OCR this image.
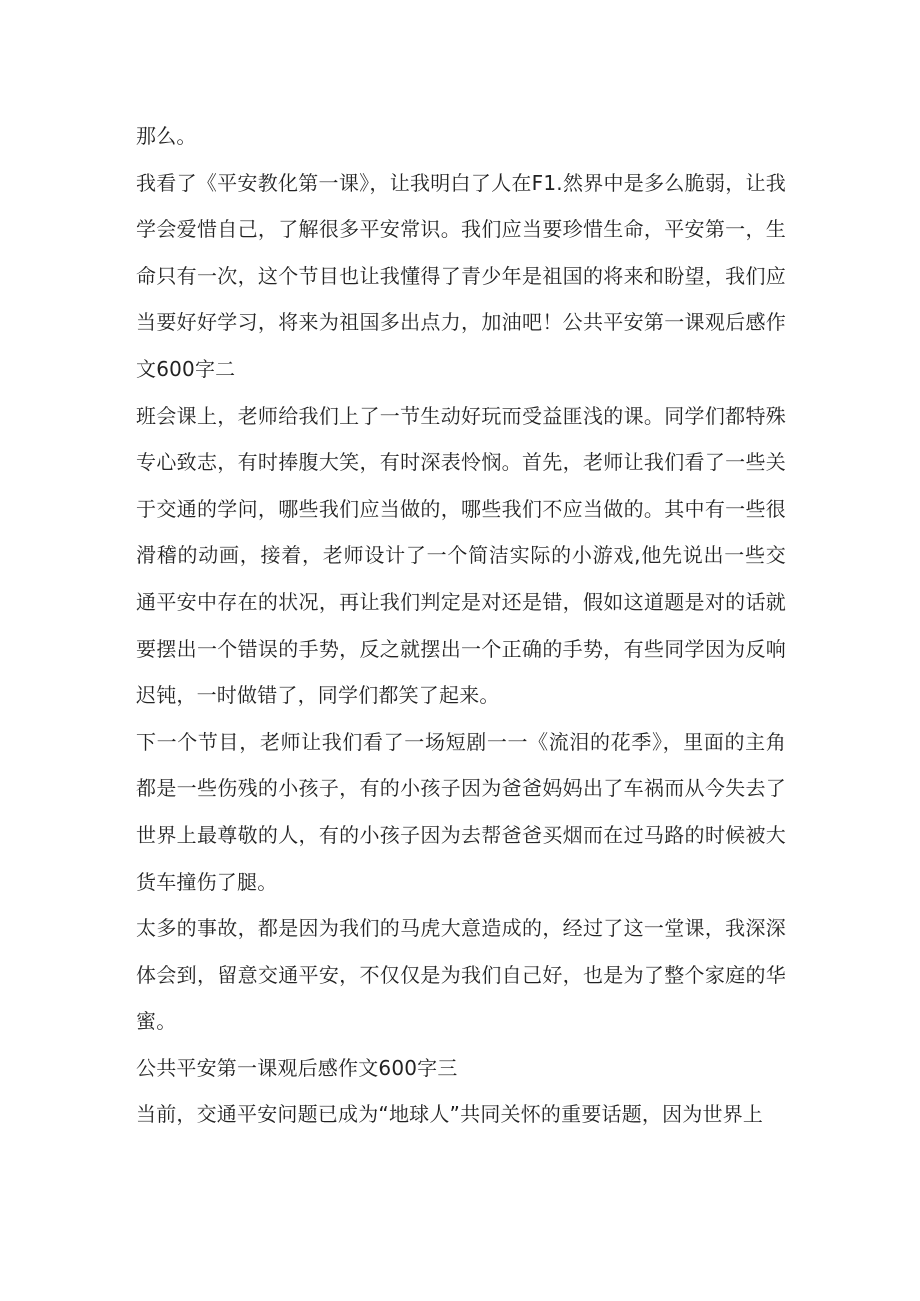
那么。

我看了《平安教化第一课》，让我明白了人在F1.然界中是多么脆弱，让我学会爱惜自己，了解很多平安常识。我们应当要珍惜生命，平安第一，生命只有一次，这个节目也让我懂得了青少年是祖国的将来和盼望，我们应当要好好学习，将来为祖国多出点力，加油吧！公共平安第一课观后感作文600字二

班会课上，老师给我们上了一节生动好玩而受益匪浅的课。同学们都特殊专心致志，有时捧腹大笑，有时深表怜悯。首先，老师让我们看了一些关于交通的学问，哪些我们应当做的，哪些我们不应当做的。其中有一些很滑稽的动画，接着，老师设计了一个简洁实际的小游戏,他先说出一些交通平安中存在的状况，再让我们判定是对还是错，假如这道题是对的话就要摆出一个错误的手势，反之就摆出一个正确的手势，有些同学因为反响迟钝，一时做错了，同学们都笑了起来。

下一个节目，老师让我们看了一场短剧一一《流泪的花季》，里面的主角都是一些伤残的小孩子，有的小孩子因为爸爸妈妈出了车祸而从今失去了世界上最尊敬的人，有的小孩子因为去帮爸爸买烟而在过马路的时候被大货车撞伤了腿。

太多的事故，都是因为我们的马虎大意造成的，经过了这一堂课，我深深体会到，留意交通平安，不仅仅是为我们自己好，也是为了整个家庭的华蜜。

公共平安第一课观后感作文600字三

当前，交通平安问题已成为“地球人”共同关怀的重要话题，因为世界上
